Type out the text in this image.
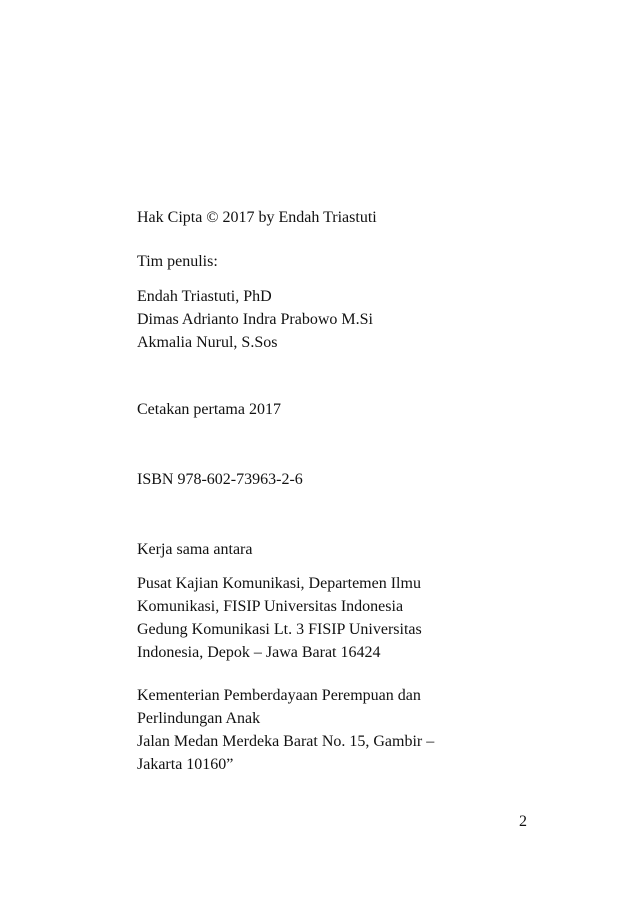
Hak Cipta © 2017 by Endah Triastuti
Tim penulis:
Endah Triastuti, PhD
Dimas Adrianto Indra Prabowo M.Si
Akmalia Nurul, S.Sos
Cetakan pertama 2017
ISBN 978-602-73963-2-6
Kerja sama antara
Pusat Kajian Komunikasi, Departemen Ilmu
Komunikasi, FISIP Universitas Indonesia
Gedung Komunikasi Lt. 3 FISIP Universitas
Indonesia, Depok – Jawa Barat 16424
Kementerian Pemberdayaan Perempuan dan
Perlindungan Anak
Jalan Medan Merdeka Barat No. 15, Gambir –
Jakarta 10160”
2
